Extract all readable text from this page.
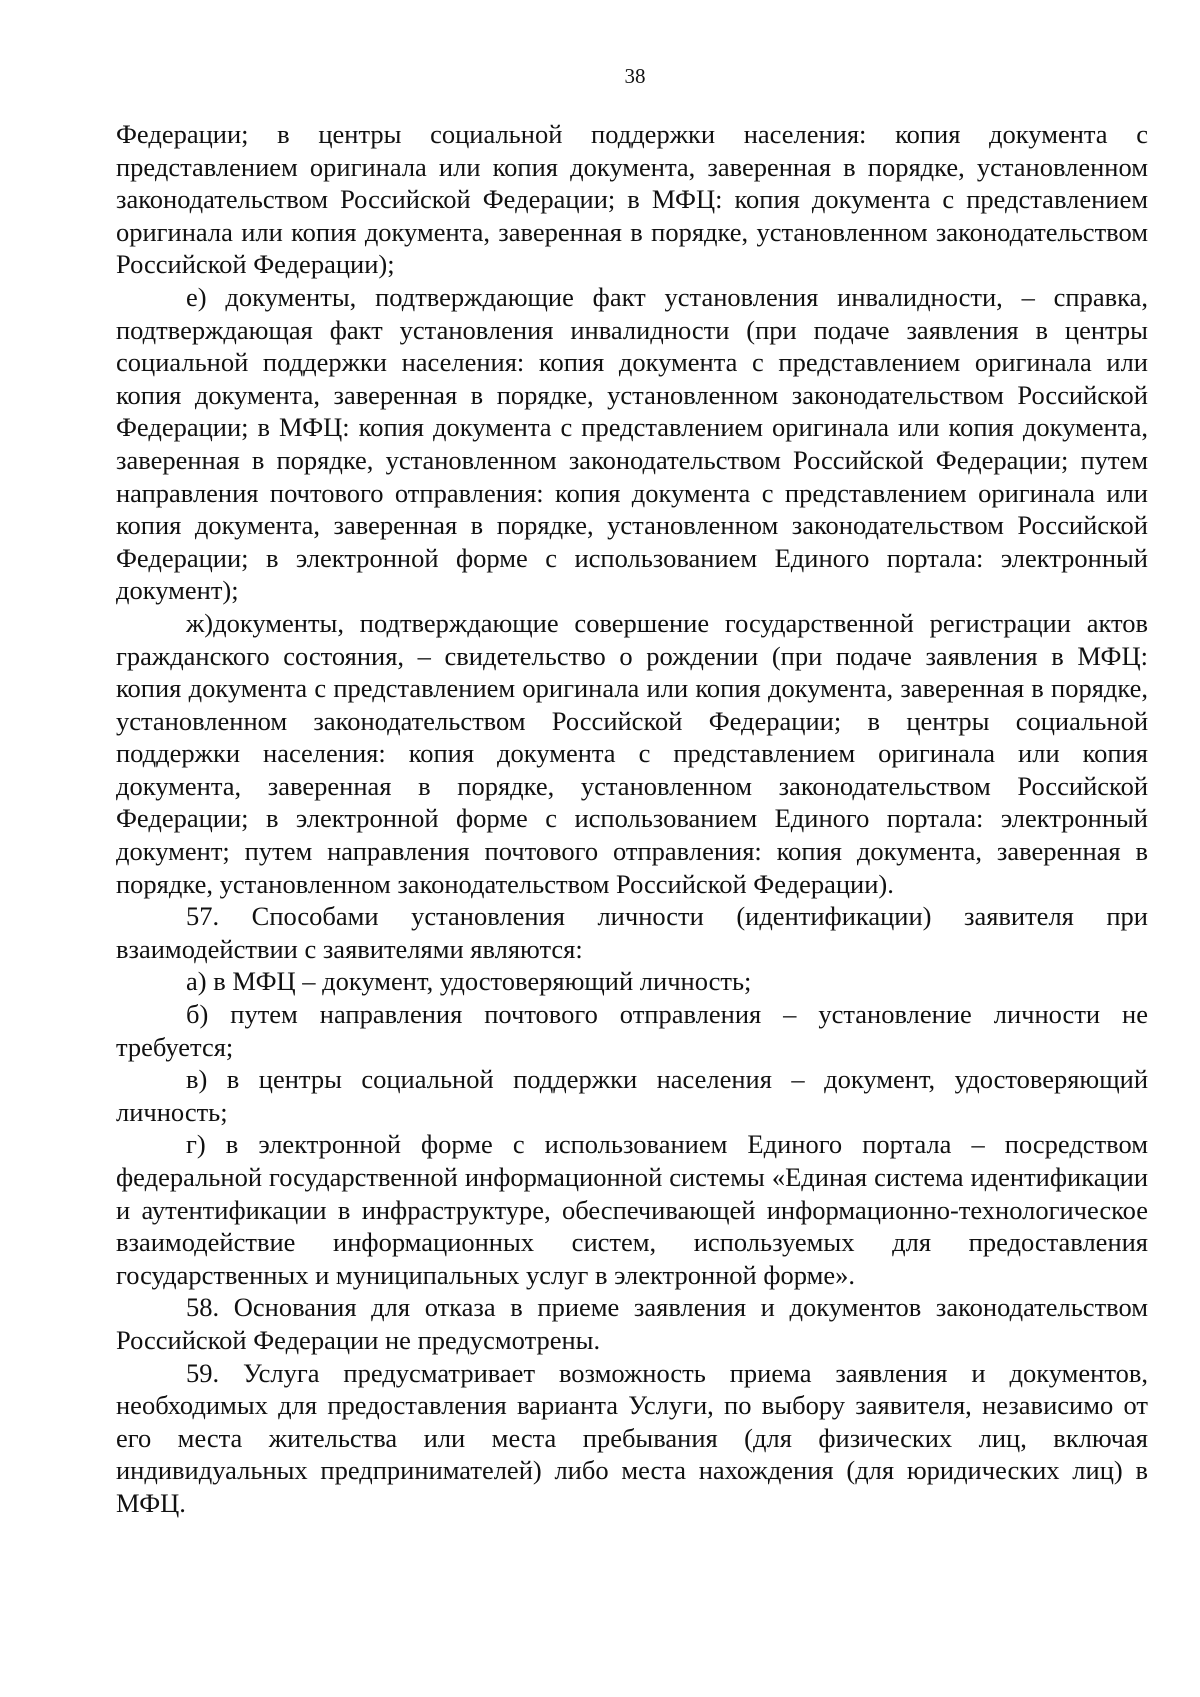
38

Федерации; в центры социальной поддержки населения: копия документа с представлением оригинала или копия документа, заверенная в порядке, установленном законодательством Российской Федерации; в МФЦ: копия документа с представлением оригинала или копия документа, заверенная в порядке, установленном законодательством Российской Федерации);

е) документы, подтверждающие факт установления инвалидности, – справка, подтверждающая факт установления инвалидности (при подаче заявления в центры социальной поддержки населения: копия документа с представлением оригинала или копия документа, заверенная в порядке, установленном законодательством Российской Федерации; в МФЦ: копия документа с представлением оригинала или копия документа, заверенная в порядке, установленном законодательством Российской Федерации; путем направления почтового отправления: копия документа с представлением оригинала или копия документа, заверенная в порядке, установленном законодательством Российской Федерации; в электронной форме с использованием Единого портала: электронный документ);

ж)документы, подтверждающие совершение государственной регистрации актов гражданского состояния, – свидетельство о рождении (при подаче заявления в МФЦ: копия документа с представлением оригинала или копия документа, заверенная в порядке, установленном законодательством Российской Федерации; в центры социальной поддержки населения: копия документа с представлением оригинала или копия документа, заверенная в порядке, установленном законодательством Российской Федерации; в электронной форме с использованием Единого портала: электронный документ; путем направления почтового отправления: копия документа, заверенная в порядке, установленном законодательством Российской Федерации).

57. Способами установления личности (идентификации) заявителя при взаимодействии с заявителями являются:

а) в МФЦ – документ, удостоверяющий личность;

б) путем направления почтового отправления – установление личности не требуется;

в) в центры социальной поддержки населения – документ, удостоверяющий личность;

г) в электронной форме с использованием Единого портала – посредством федеральной государственной информационной системы «Единая система идентификации и аутентификации в инфраструктуре, обеспечивающей информационно-технологическое взаимодействие информационных систем, используемых для предоставления государственных и муниципальных услуг в электронной форме».

58. Основания для отказа в приеме заявления и документов законодательством Российской Федерации не предусмотрены.

59. Услуга предусматривает возможность приема заявления и документов, необходимых для предоставления варианта Услуги, по выбору заявителя, независимо от его места жительства или места пребывания (для физических лиц, включая индивидуальных предпринимателей) либо места нахождения (для юридических лиц) в МФЦ.
